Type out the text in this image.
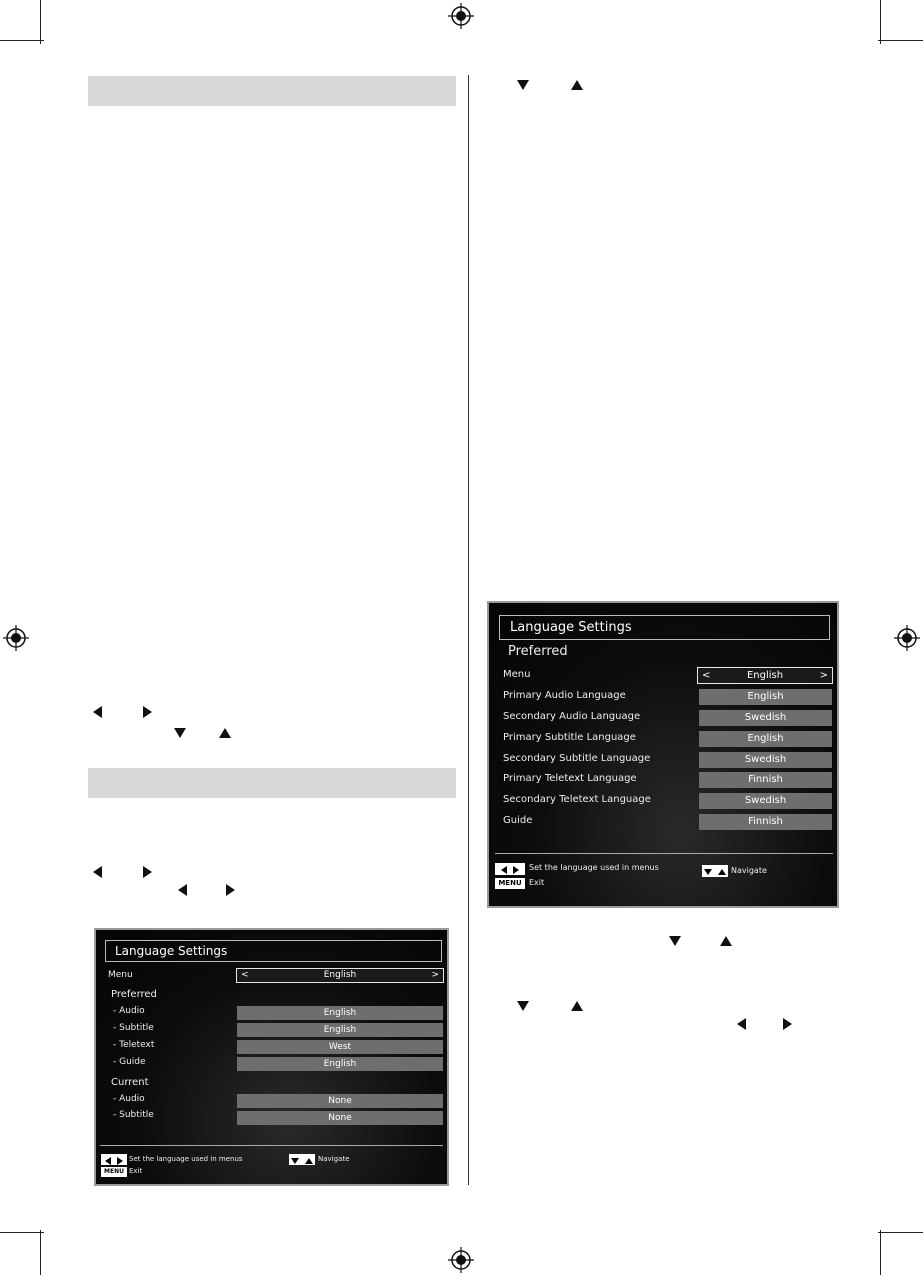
Language Settings
Preferred
Menu	<	English	>
Primary Audio Language	English
Secondary Audio Language	Swedish
Primary Subtitle Language	English
Secondary Subtitle Language	Swedish
Primary Teletext Language	Finnish
Secondary Teletext Language	Swedish
Guide	Finnish

Set the language used in menus
	Navigate
MENU Exit
Language Settings
Menu	<	English	>
Preferred
- Audio	English
- Subtitle	English
- Teletext	West
- Guide	English
Current
- Audio	None
- Subtitle	None

Set the language used in menus
	Navigate
MENU Exit
